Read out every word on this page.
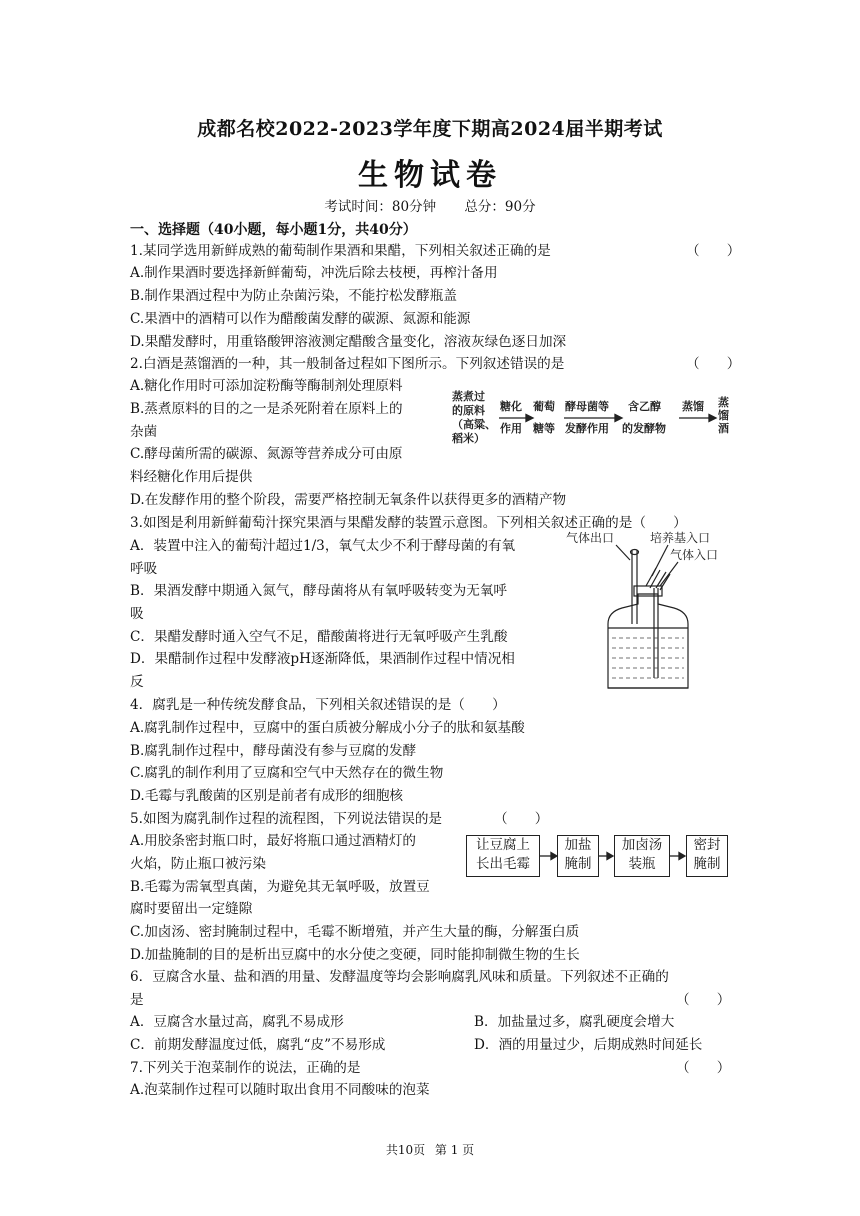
成都名校2022-2023学年度下期高2024届半期考试
生物试卷
考试时间：80分钟 总分：90分
一、选择题（40小题，每小题1分，共40分）
1.某同学选用新鲜成熟的葡萄制作果酒和果醋，下列相关叙述正确的是	（　　）
A.制作果酒时要选择新鲜葡萄，冲洗后除去枝梗，再榨汁备用
B.制作果酒过程中为防止杂菌污染，不能拧松发酵瓶盖
C.果酒中的酒精可以作为醋酸菌发酵的碳源、氮源和能源
D.果醋发酵时，用重铬酸钾溶液测定醋酸含量变化，溶液灰绿色逐日加深
2.白酒是蒸馏酒的一种，其一般制备过程如下图所示。下列叙述错误的是	（　　）
A.糖化作用时可添加淀粉酶等酶制剂处理原料
B.蒸煮原料的目的之一是杀死附着在原料上的
杂菌
C.酵母菌所需的碳源、氮源等营养成分可由原
料经糖化作用后提供
D.在发酵作用的整个阶段，需要严格控制无氧条件以获得更多的酒精产物
蒸煮过
的原料
（高粱、
稻米）
糖化
作用
葡萄
糖等
酵母菌等
发酵作用
含乙醇
的发酵物
蒸馏 蒸
馏
酒
3.如图是利用新鲜葡萄汁探究果酒与果醋发酵的装置示意图。下列相关叙述正确的是（　　）
A．装置中注入的葡萄汁超过1/3，氧气太少不利于酵母菌的有氧
呼吸
B．果酒发酵中期通入氮气，酵母菌将从有氧呼吸转变为无氧呼
吸
C．果醋发酵时通入空气不足，醋酸菌将进行无氧呼吸产生乳酸
D．果醋制作过程中发酵液pH逐渐降低，果酒制作过程中情况相
反
气体出口	培养基入口
气体入口
4．腐乳是一种传统发酵食品，下列相关叙述错误的是（　　）
A.腐乳制作过程中，豆腐中的蛋白质被分解成小分子的肽和氨基酸
B.腐乳制作过程中，酵母菌没有参与豆腐的发酵
C.腐乳的制作利用了豆腐和空气中天然存在的微生物
D.毛霉与乳酸菌的区别是前者有成形的细胞核
5.如图为腐乳制作过程的流程图，下列说法错误的是	（　　）
A.用胶条密封瓶口时，最好将瓶口通过酒精灯的
火焰，防止瓶口被污染
B.毛霉为需氧型真菌，为避免其无氧呼吸，放置豆
腐时要留出一定缝隙
C.加卤汤、密封腌制过程中，毛霉不断增殖，并产生大量的酶，分解蛋白质
D.加盐腌制的目的是析出豆腐中的水分使之变硬，同时能抑制微生物的生长
让豆腐上
长出毛霉
加盐
腌制
加卤汤
装瓶
密封
腌制
6．豆腐含水量、盐和酒的用量、发酵温度等均会影响腐乳风味和质量。下列叙述不正确的
是	（　　）
A．豆腐含水量过高，腐乳不易成形	B．加盐量过多，腐乳硬度会增大
C．前期发酵温度过低，腐乳“皮”不易形成	D．酒的用量过少，后期成熟时间延长
7.下列关于泡菜制作的说法，正确的是	（　　）
A.泡菜制作过程可以随时取出食用不同酸味的泡菜
共10页 第 1 页
